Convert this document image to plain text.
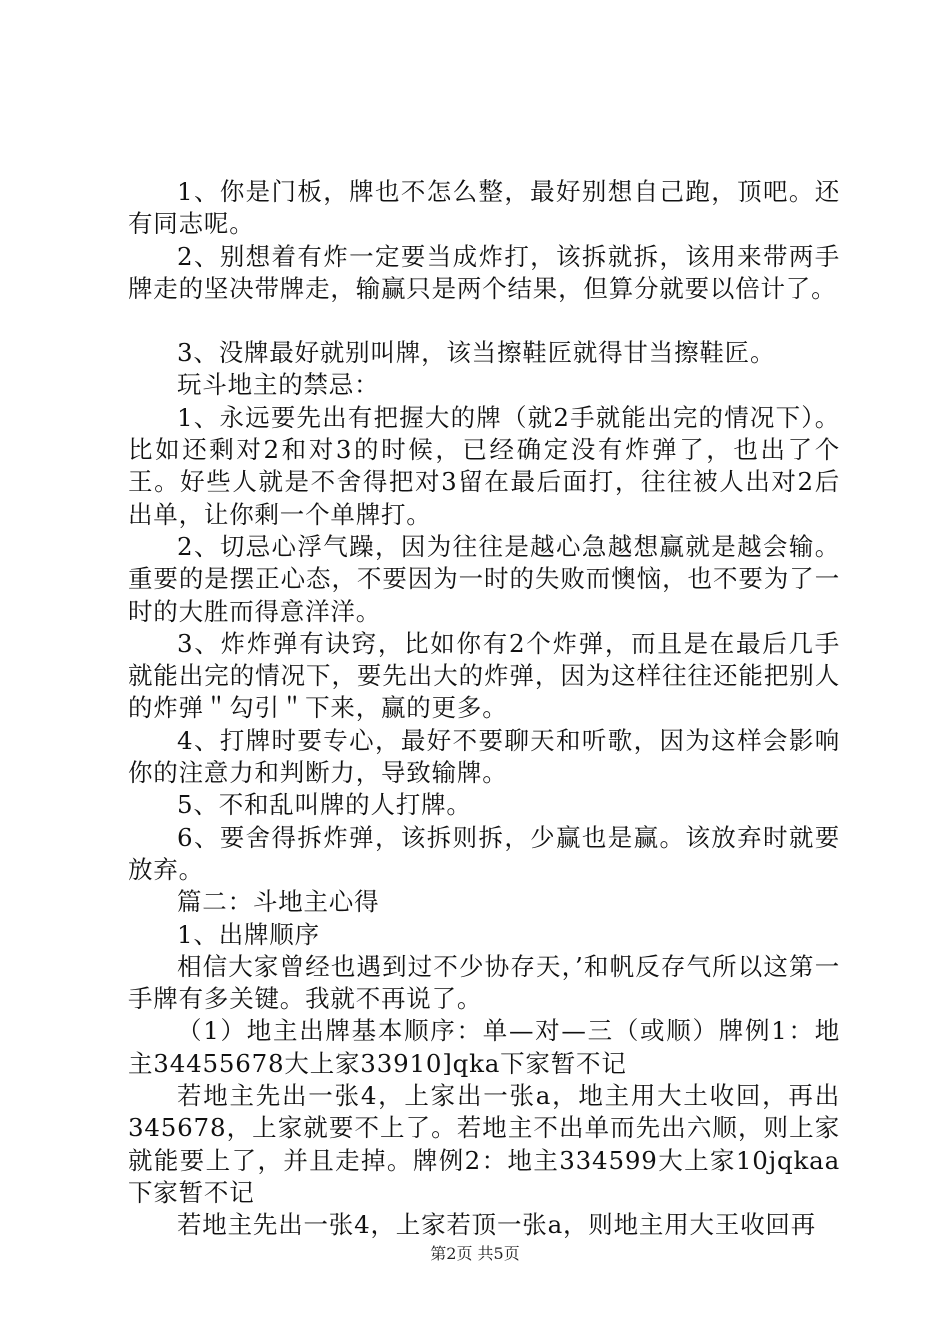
1、你是门板，牌也不怎么整，最好别想自己跑，顶吧。还有同志呢。

2、别想着有炸一定要当成炸打，该拆就拆，该用来带两手牌走的坚决带牌走，输赢只是两个结果，但算分就要以倍计了。

3、没牌最好就别叫牌，该当擦鞋匠就得甘当擦鞋匠。

玩斗地主的禁忌：

1、永远要先出有把握大的牌（就2手就能出完的情况下）。比如还剩对2和对3的时候，已经确定没有炸弹了，也出了个王。好些人就是不舍得把对3留在最后面打，往往被人出对2后出单，让你剩一个单牌打。

2、切忌心浮气躁，因为往往是越心急越想赢就是越会输。重要的是摆正心态，不要因为一时的失败而懊恼，也不要为了一时的大胜而得意洋洋。

3、炸炸弹有诀窍，比如你有2个炸弹，而且是在最后几手就能出完的情况下，要先出大的炸弹，因为这样往往还能把别人的炸弹＂勾引＂下来，赢的更多。

4、打牌时要专心，最好不要聊天和听歌，因为这样会影响你的注意力和判断力，导致输牌。

5、不和乱叫牌的人打牌。

6、要舍得拆炸弹，该拆则拆，少赢也是赢。该放弃时就要放弃。

篇二：斗地主心得

1、出牌顺序

相信大家曾经也遇到过不少协存天，’和帆反存气所以这第一手牌有多关键。我就不再说了。

（1）地主出牌基本顺序：单—对—三（或顺）牌例1：地主34455678大上家33910]qka下家暂不记

若地主先出一张4，上家出一张a，地主用大土收回，再出345678，上家就要不上了。若地主不出单而先出六顺，则上家就能要上了，并且走掉。牌例2：地主334599大上家10jqkaa下家暂不记

若地主先出一张4，上家若顶一张a，则地主用大王收回再

第2页 共5页
